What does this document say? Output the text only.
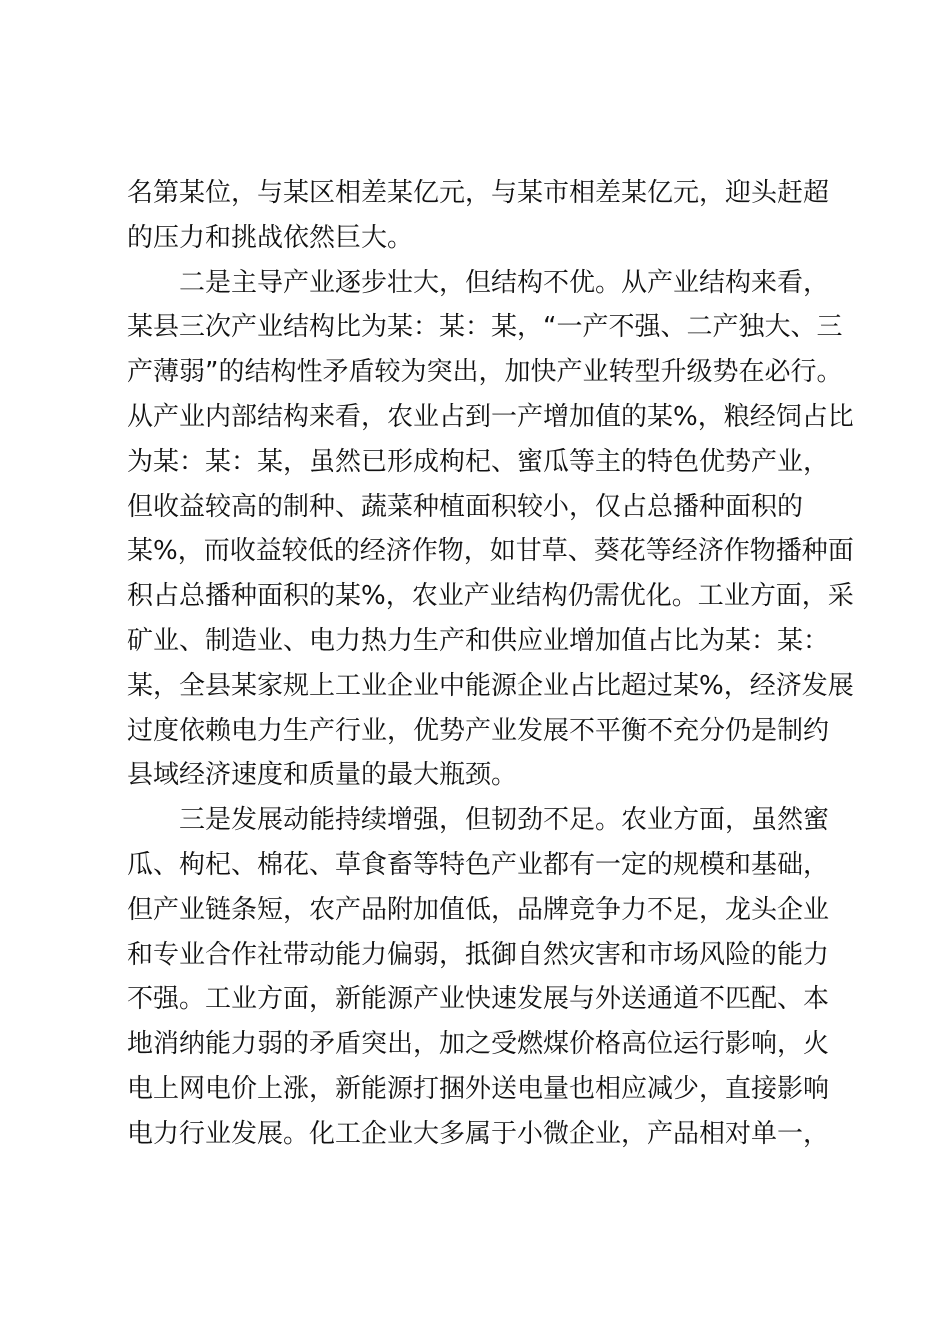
名第某位，与某区相差某亿元，与某市相差某亿元，迎头赶超
的压力和挑战依然巨大。
二是主导产业逐步壮大，但结构不优。从产业结构来看，
某县三次产业结构比为某：某：某，“一产不强、二产独大、三
产薄弱”的结构性矛盾较为突出，加快产业转型升级势在必行。
从产业内部结构来看，农业占到一产增加值的某%，粮经饲占比
为某：某：某，虽然已形成枸杞、蜜瓜等主的特色优势产业，
但收益较高的制种、蔬菜种植面积较小，仅占总播种面积的
某%，而收益较低的经济作物，如甘草、葵花等经济作物播种面
积占总播种面积的某%，农业产业结构仍需优化。工业方面，采
矿业、制造业、电力热力生产和供应业增加值占比为某：某：
某，全县某家规上工业企业中能源企业占比超过某%，经济发展
过度依赖电力生产行业，优势产业发展不平衡不充分仍是制约
县域经济速度和质量的最大瓶颈。
三是发展动能持续增强，但韧劲不足。农业方面，虽然蜜
瓜、枸杞、棉花、草食畜等特色产业都有一定的规模和基础，
但产业链条短，农产品附加值低，品牌竞争力不足，龙头企业
和专业合作社带动能力偏弱，抵御自然灾害和市场风险的能力
不强。工业方面，新能源产业快速发展与外送通道不匹配、本
地消纳能力弱的矛盾突出，加之受燃煤价格高位运行影响，火
电上网电价上涨，新能源打捆外送电量也相应减少，直接影响
电力行业发展。化工企业大多属于小微企业，产品相对单一，
